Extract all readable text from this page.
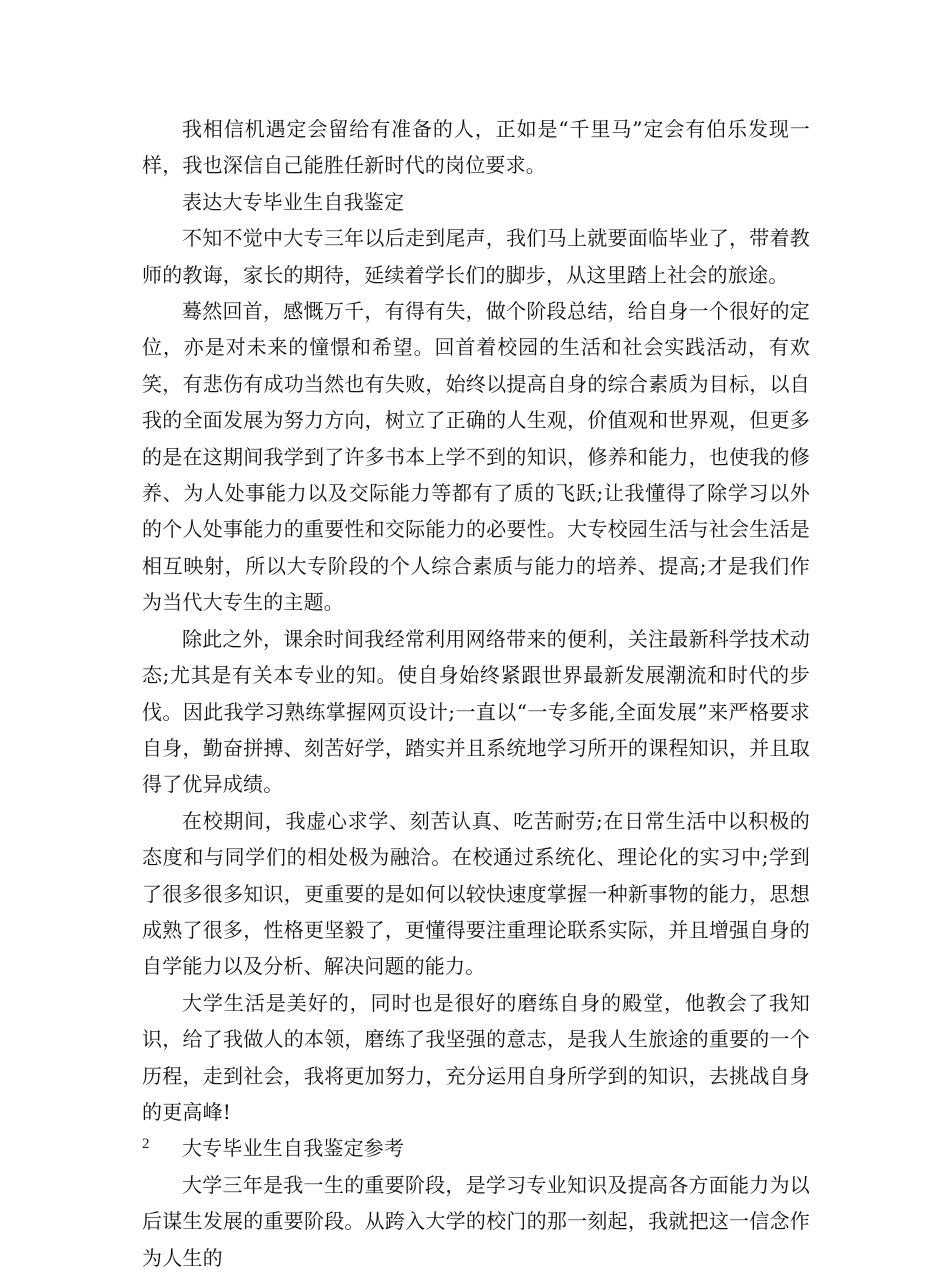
我相信机遇定会留给有准备的人，正如是“千里马”定会有伯乐发现一样，我也深信自己能胜任新时代的岗位要求。

表达大专毕业生自我鉴定

不知不觉中大专三年以后走到尾声，我们马上就要面临毕业了，带着教师的教诲，家长的期待，延续着学长们的脚步，从这里踏上社会的旅途。

蓦然回首，感慨万千，有得有失，做个阶段总结，给自身一个很好的定位，亦是对未来的憧憬和希望。回首着校园的生活和社会实践活动，有欢笑，有悲伤有成功当然也有失败，始终以提高自身的综合素质为目标，以自我的全面发展为努力方向，树立了正确的人生观，价值观和世界观，但更多的是在这期间我学到了许多书本上学不到的知识，修养和能力，也使我的修养、为人处事能力以及交际能力等都有了质的飞跃;让我懂得了除学习以外的个人处事能力的重要性和交际能力的必要性。大专校园生活与社会生活是相互映射，所以大专阶段的个人综合素质与能力的培养、提高;才是我们作为当代大专生的主题。

除此之外，课余时间我经常利用网络带来的便利，关注最新科学技术动态;尤其是有关本专业的知。使自身始终紧跟世界最新发展潮流和时代的步伐。因此我学习熟练掌握网页设计;一直以“一专多能,全面发展”来严格要求自身，勤奋拼搏、刻苦好学，踏实并且系统地学习所开的课程知识，并且取得了优异成绩。

在校期间，我虚心求学、刻苦认真、吃苦耐劳;在日常生活中以积极的态度和与同学们的相处极为融洽。在校通过系统化、理论化的实习中;学到了很多很多知识，更重要的是如何以较快速度掌握一种新事物的能力，思想成熟了很多，性格更坚毅了，更懂得要注重理论联系实际，并且增强自身的自学能力以及分析、解决问题的能力。

大学生活是美好的，同时也是很好的磨练自身的殿堂，他教会了我知识，给了我做人的本领，磨练了我坚强的意志，是我人生旅途的重要的一个历程，走到社会，我将更加努力，充分运用自身所学到的知识，去挑战自身的更高峰!

大专毕业生自我鉴定参考

大学三年是我一生的重要阶段，是学习专业知识及提高各方面能力为以后谋生发展的重要阶段。从跨入大学的校门的那一刻起，我就把这一信念作为人生的

2
